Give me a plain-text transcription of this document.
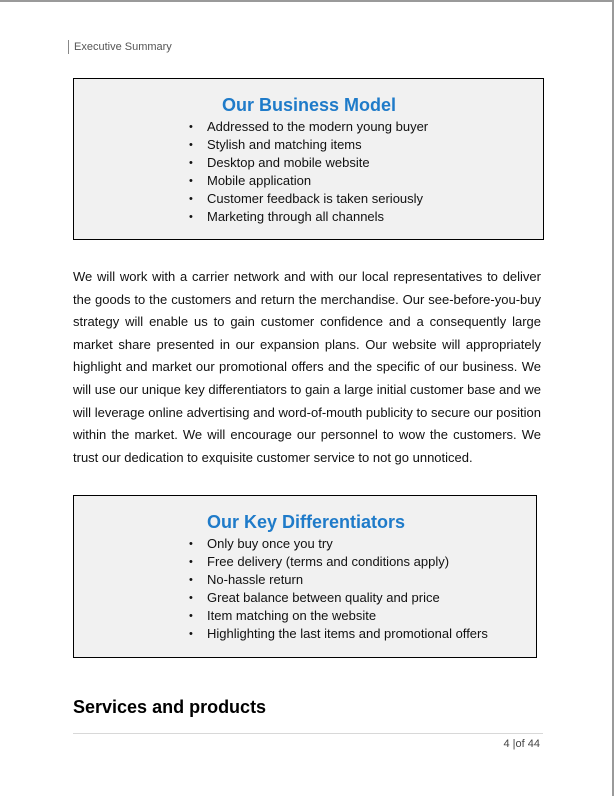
Executive Summary
Our Business Model
• Addressed to the modern young buyer
• Stylish and matching items
• Desktop and mobile website
• Mobile application
• Customer feedback is taken seriously
• Marketing through all channels

We will work with a carrier network and with our local representatives to deliver the goods to the customers and return the merchandise. Our see-before-you-buy strategy will enable us to gain customer confidence and a consequently large market share presented in our expansion plans. Our website will appropriately highlight and market our promotional offers and the specific of our business. We will use our unique key differentiators to gain a large initial customer base and we will leverage online advertising and word-of-mouth publicity to secure our position within the market. We will encourage our personnel to wow the customers. We trust our dedication to exquisite customer service to not go unnoticed.

Our Key Differentiators
• Only buy once you try
• Free delivery (terms and conditions apply)
• No-hassle return
• Great balance between quality and price
• Item matching on the website
• Highlighting the last items and promotional offers
Services and products
4 |of 44
